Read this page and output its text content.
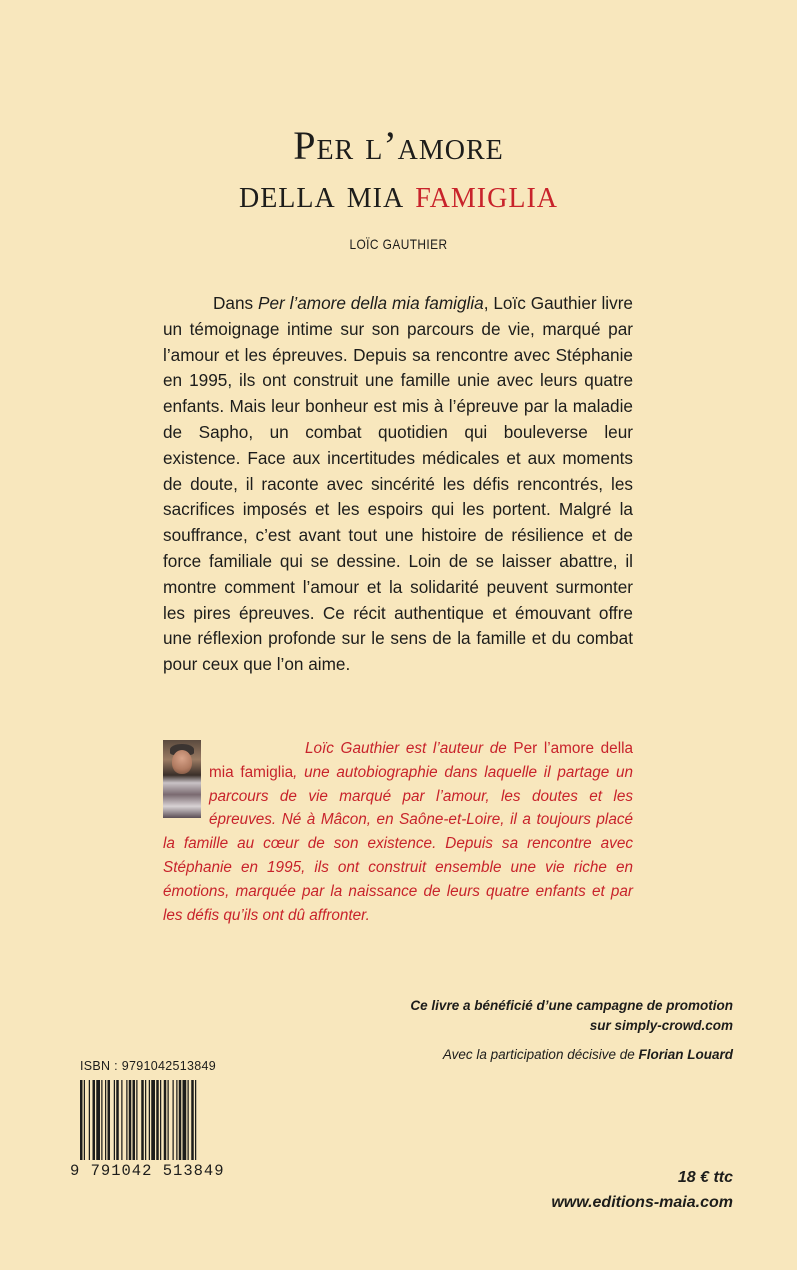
Per l’amore
della mia famiglia
LOÏC GAUTHIER

Dans Per l’amore della mia famiglia, Loïc Gauthier livre un témoignage intime sur son parcours de vie, marqué par l’amour et les épreuves. Depuis sa rencontre avec Stéphanie en 1995, ils ont construit une famille unie avec leurs quatre enfants. Mais leur bonheur est mis à l’épreuve par la maladie de Sapho, un combat quotidien qui bouleverse leur existence. Face aux incertitudes médicales et aux moments de doute, il raconte avec sincérité les défis rencontrés, les sacrifices imposés et les espoirs qui les portent. Malgré la souffrance, c’est avant tout une histoire de résilience et de force familiale qui se dessine. Loin de se laisser abattre, il montre comment l’amour et la solidarité peuvent surmonter les pires épreuves. Ce récit authentique et émouvant offre une réflexion profonde sur le sens de la famille et du combat pour ceux que l’on aime.

Loïc Gauthier est l’auteur de Per l’amore della mia famiglia, une autobiographie dans laquelle il partage un parcours de vie marqué par l’amour, les doutes et les épreuves. Né à Mâcon, en Saône-et-Loire, il a toujours placé la famille au cœur de son existence. Depuis sa rencontre avec Stéphanie en 1995, ils ont construit ensemble une vie riche en émotions, marquée par la naissance de leurs quatre enfants et par les défis qu’ils ont dû affronter.

Ce livre a bénéficié d’une campagne de promotion
sur simply-crowd.com
Avec la participation décisive de Florian Louard
ISBN : 9791042513849
9 791042 513849	18 € ttc
www.editions-maia.com
